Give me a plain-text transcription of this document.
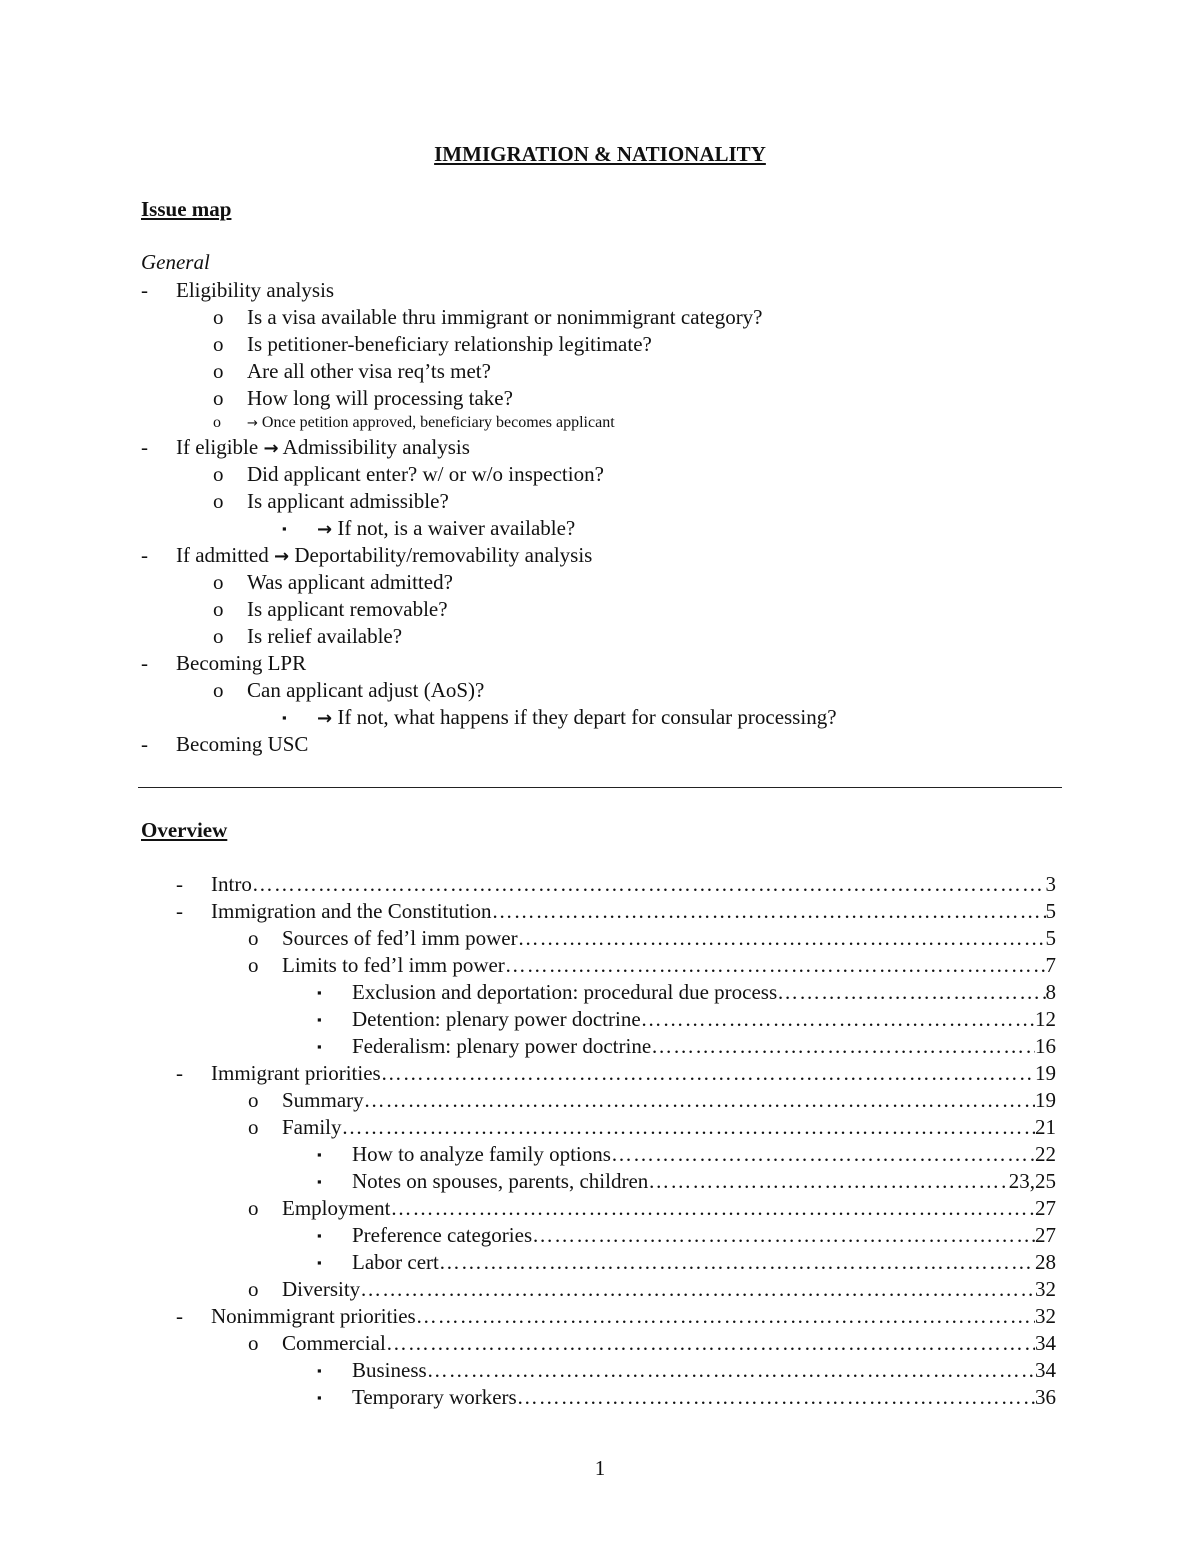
IMMIGRATION & NATIONALITY
Issue map
General
- Eligibility analysis
o Is a visa available thru immigrant or nonimmigrant category?
o Is petitioner-beneficiary relationship legitimate?
o Are all other visa req’ts met?
o How long will processing take?
o → Once petition approved, beneficiary becomes applicant
- If eligible → Admissibility analysis
o Did applicant enter? w/ or w/o inspection?
o Is applicant admissible?
▪ → If not, is a waiver available?
- If admitted → Deportability/removability analysis
o Was applicant admitted?
o Is applicant removable?
o Is relief available?
- Becoming LPR
o Can applicant adjust (AoS)?
▪ → If not, what happens if they depart for consular processing?
- Becoming USC
Overview
- Intro ……………………………………………………………………………………………………………………………………………………	3
- Immigration and the Constitution ……………………………………………………………………………………………………………………………………………………	5
o Sources of fed’l imm power ……………………………………………………………………………………………………………………………………………………	5
o Limits to fed’l imm power ……………………………………………………………………………………………………………………………………………………	7
▪ Exclusion and deportation: procedural due process ……………………………………………………………………………………………………………………………………………………	8
▪ Detention: plenary power doctrine ……………………………………………………………………………………………………………………………………………………	12
▪ Federalism: plenary power doctrine ……………………………………………………………………………………………………………………………………………………	16
- Immigrant priorities ……………………………………………………………………………………………………………………………………………………	19
o Summary ……………………………………………………………………………………………………………………………………………………	19
o Family ……………………………………………………………………………………………………………………………………………………	21
▪ How to analyze family options ……………………………………………………………………………………………………………………………………………………	22
▪ Notes on spouses, parents, children ……………………………………………………………………………………………………………………………………………………	23,25
o Employment ……………………………………………………………………………………………………………………………………………………	27
▪ Preference categories ……………………………………………………………………………………………………………………………………………………	27
▪ Labor cert ……………………………………………………………………………………………………………………………………………………	28
o Diversity ……………………………………………………………………………………………………………………………………………………	32
- Nonimmigrant priorities ……………………………………………………………………………………………………………………………………………………	32
o Commercial ……………………………………………………………………………………………………………………………………………………	34
▪ Business ……………………………………………………………………………………………………………………………………………………	34
▪ Temporary workers ……………………………………………………………………………………………………………………………………………………	36
1
